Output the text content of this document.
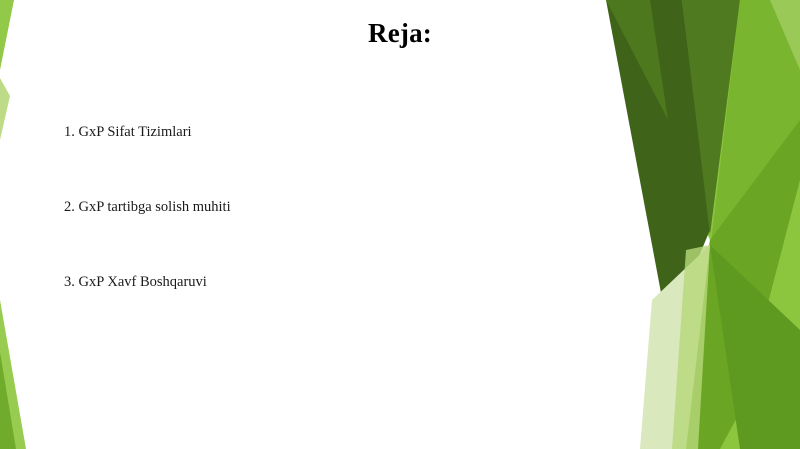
Reja:
1. GxP Sifat Tizimlari
2. GxP tartibga solish muhiti
3. GxP Xavf Boshqaruvi
